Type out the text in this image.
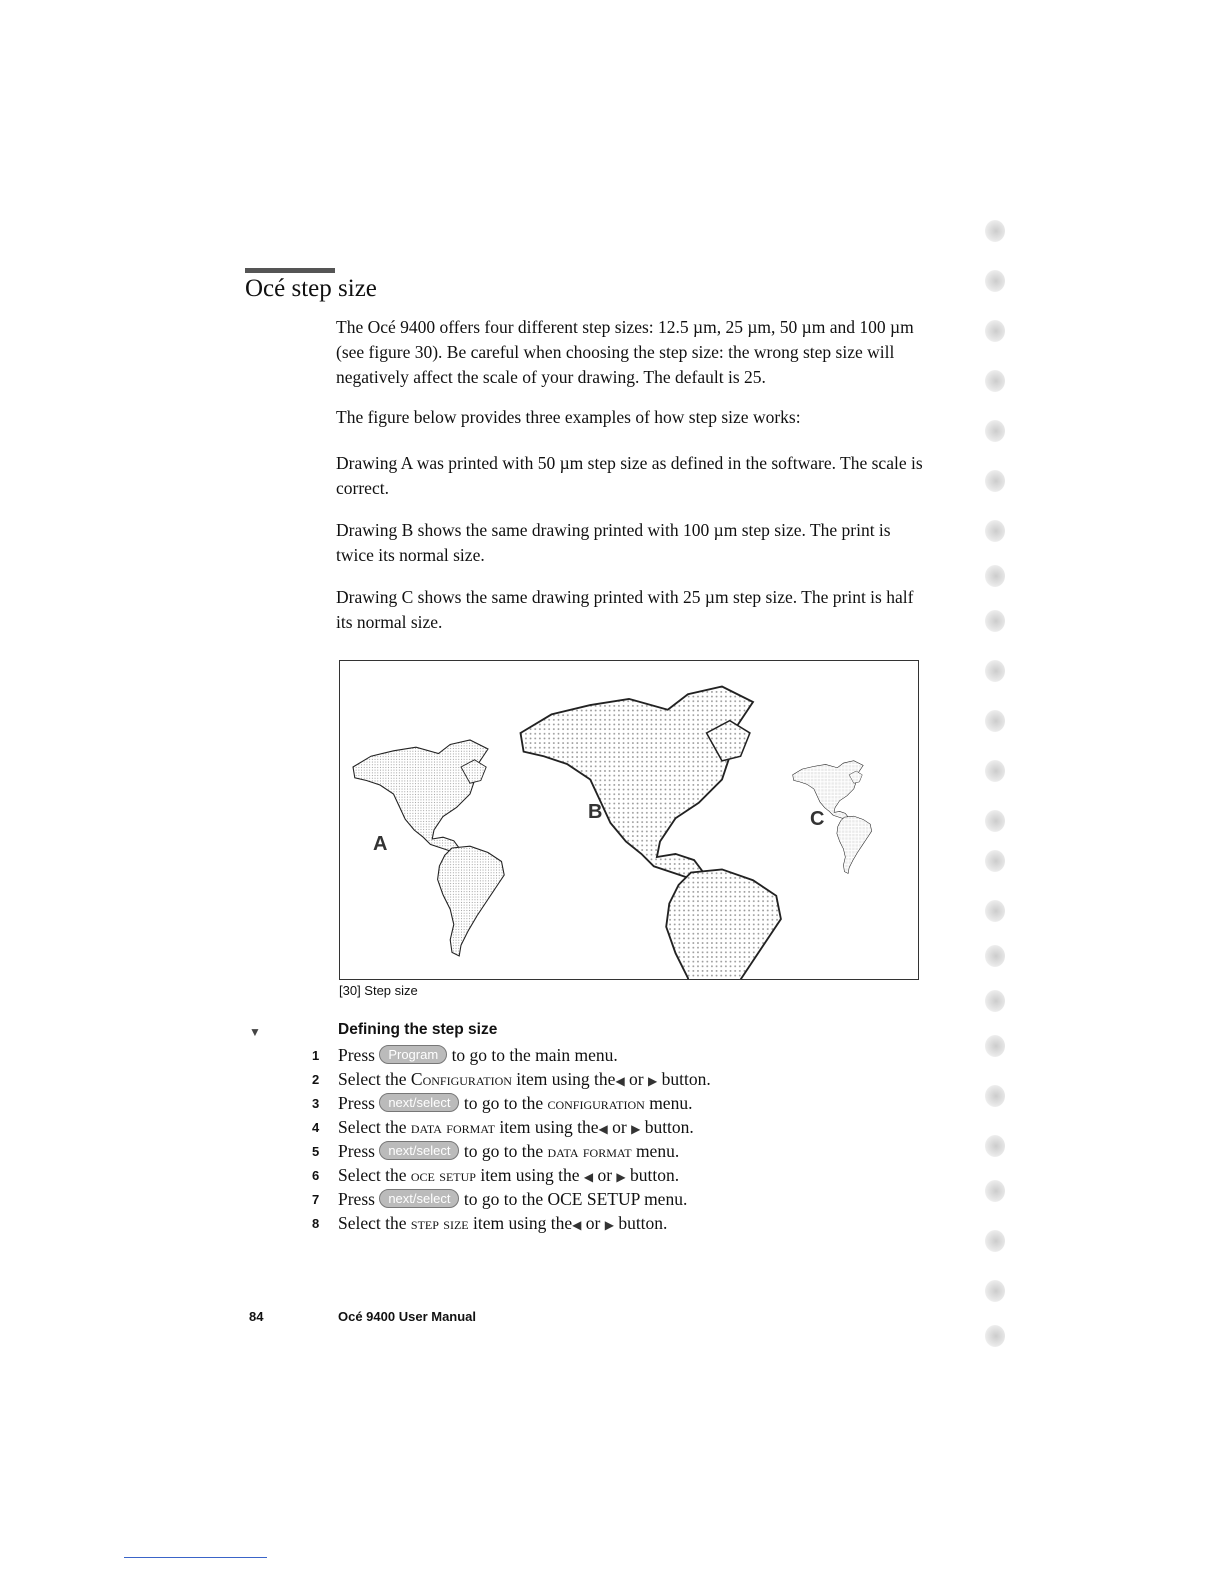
Océ step size

The Océ 9400 offers four different step sizes: 12.5 µm, 25 µm, 50 µm and 100 µm (see figure 30). Be careful when choosing the step size: the wrong step size will negatively affect the scale of your drawing. The default is 25.

The figure below provides three examples of how step size works:

Drawing A was printed with 50 µm step size as defined in the software. The scale is correct.

Drawing B shows the same drawing printed with 100 µm step size. The print is twice its normal size.

Drawing C shows the same drawing printed with 25 µm step size. The print is half its normal size.

A
B	C
[30] Step size
▼	Defining the step size
1	Press Program to go to the main menu.
2	Select the Configuration item using the◀ or ▶ button.
3	Press next/select to go to the configuration menu.
4	Select the data format item using the◀ or ▶ button.
5	Press next/select to go to the data format menu.
6	Select the oce setup item using the ◀ or ▶ button.
7	Press next/select to go to the OCE SETUP menu.
8	Select the step size item using the◀ or ▶ button.
84	Océ 9400 User Manual
